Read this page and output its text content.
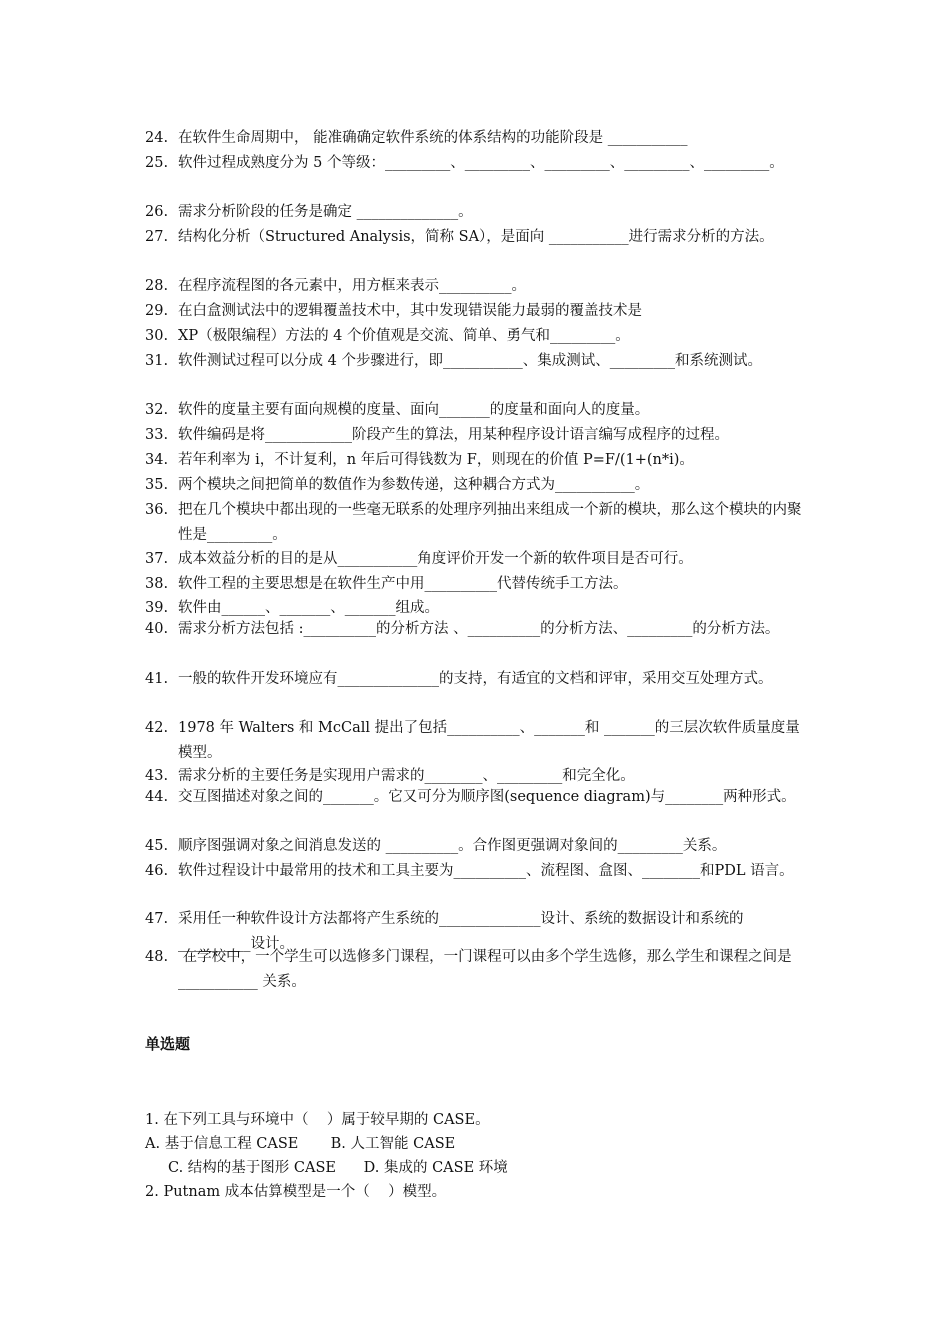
24. 在软件生命周期中， 能准确确定软件系统的体系结构的功能阶段是 ___________
25. 软件过程成熟度分为 5 个等级：_________、_________、_________、_________、_________。
26. 需求分析阶段的任务是确定 ______________。
27. 结构化分析（Structured Analysis，简称 SA），是面向 ___________进行需求分析的方法。
28. 在程序流程图的各元素中，用方框来表示__________。
29. 在白盒测试法中的逻辑覆盖技术中，其中发现错误能力最弱的覆盖技术是
30. XP（极限编程）方法的 4 个价值观是交流、简单、勇气和_________。
31. 软件测试过程可以分成 4 个步骤进行，即___________、集成测试、_________和系统测试。
32. 软件的度量主要有面向规模的度量、面向_______的度量和面向人的度量。
33. 软件编码是将____________阶段产生的算法，用某种程序设计语言编写成程序的过程。
34. 若年利率为 i，不计复利，n 年后可得钱数为 F，则现在的价值 P=F/(1+(n*i)。
35. 两个模块之间把简单的数值作为参数传递，这种耦合方式为___________。
36. 把在几个模块中都出现的一些毫无联系的处理序列抽出来组成一个新的模块，那么这个模块的内聚性是_________。
37. 成本效益分析的目的是从___________角度评价开发一个新的软件项目是否可行。
38. 软件工程的主要思想是在软件生产中用__________代替传统手工方法。
39. 软件由______、_______、_______组成。
40. 需求分析方法包括 :__________的分析方法 、__________的分析方法、_________的分析方法。
41. 一般的软件开发环境应有______________的支持，有适宜的文档和评审，采用交互处理方式。
42. 1978 年 Walters 和 McCall 提出了包括__________、_______和 _______的三层次软件质量度量模型。
43. 需求分析的主要任务是实现用户需求的________、_________和完全化。
44. 交互图描述对象之间的_______。它又可分为顺序图(sequence diagram)与________两种形式。
45. 顺序图强调对象之间消息发送的 __________。合作图更强调对象间的_________关系。
46. 软件过程设计中最常用的技术和工具主要为__________、流程图、盒图、________和PDL 语言。
47. 采用任一种软件设计方法都将产生系统的______________设计、系统的数据设计和系统的 __________设计。
48. 在学校中，一个学生可以选修多门课程，一门课程可以由多个学生选修，那么学生和课程之间是___________ 关系。
单选题
1. 在下列工具与环境中（    ）属于较早期的 CASE。
A. 基于信息工程 CASE       B. 人工智能 CASE
C. 结构的基于图形 CASE      D. 集成的 CASE 环境
2. Putnam 成本估算模型是一个（    ）模型。
